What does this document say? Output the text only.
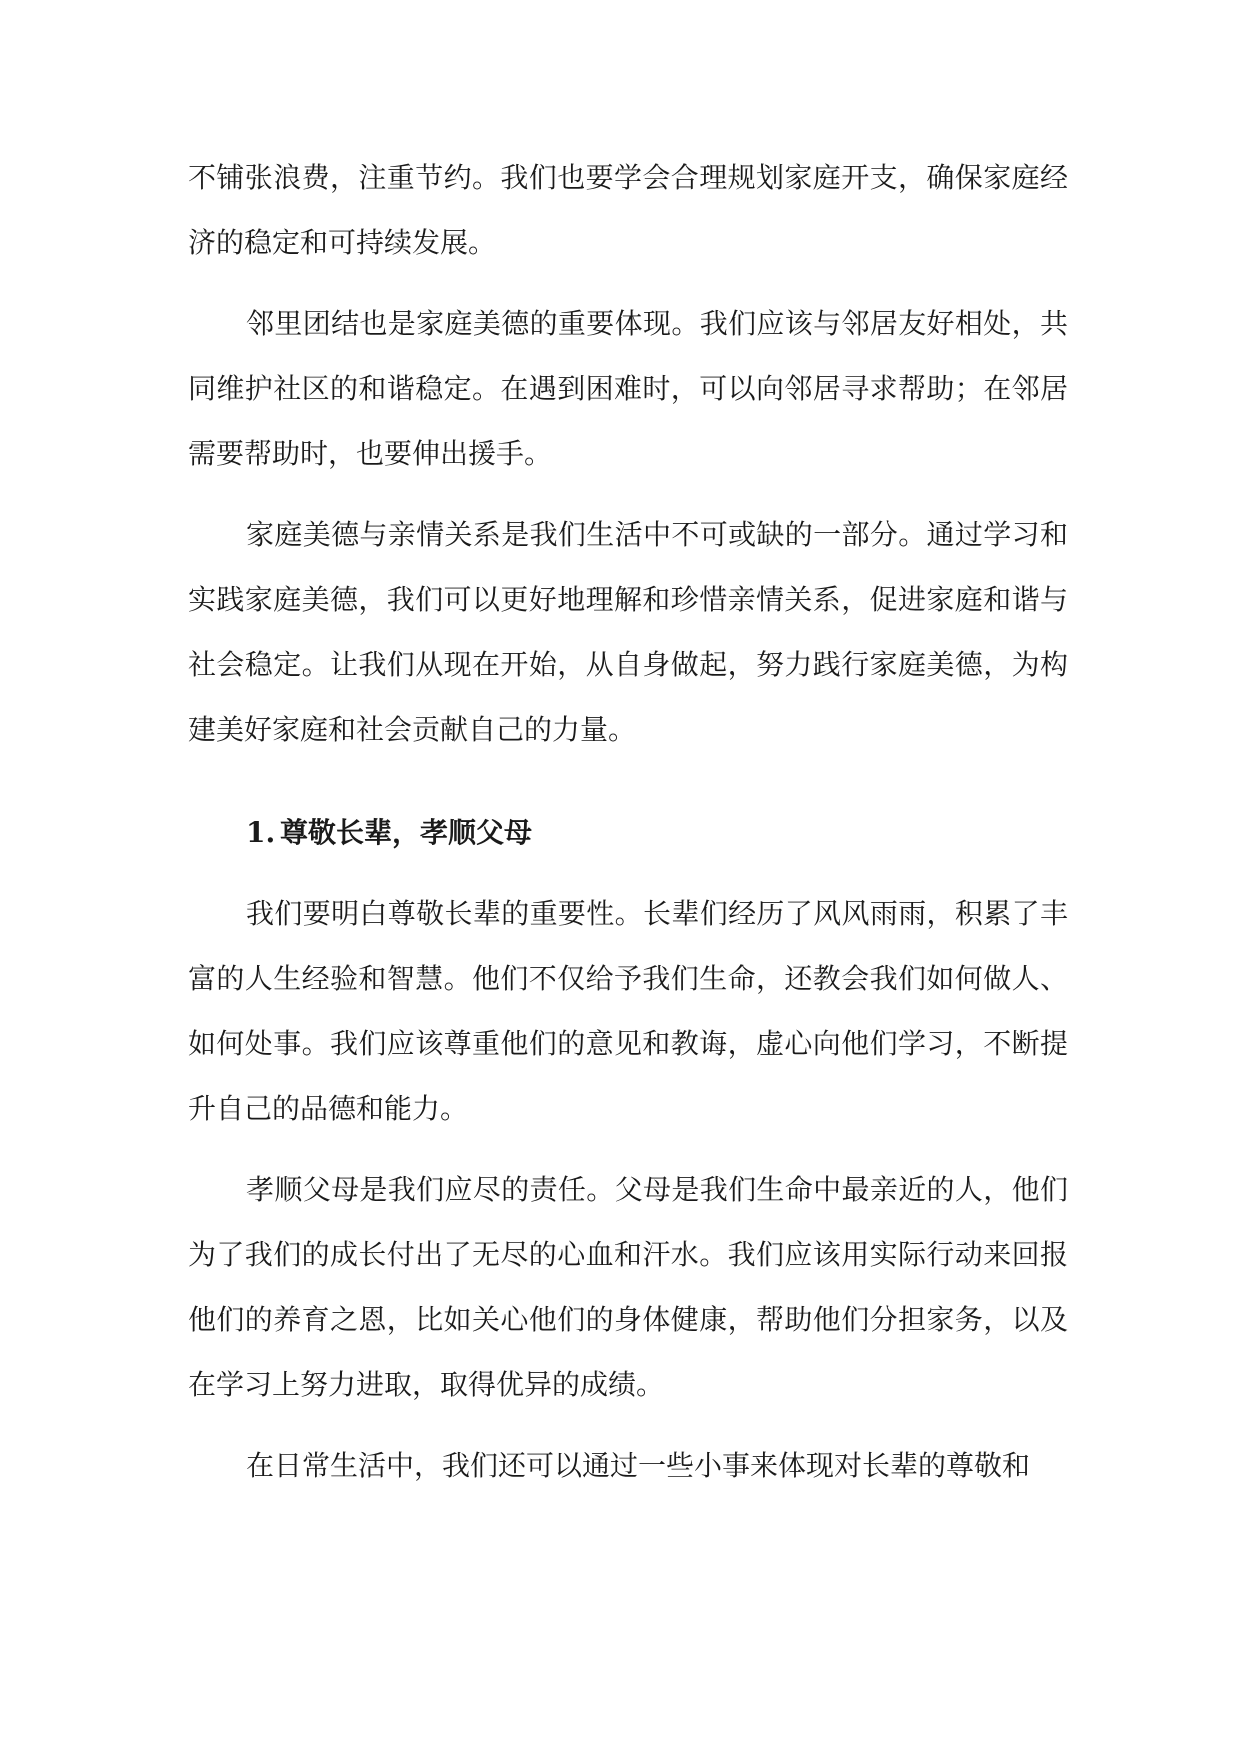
不铺张浪费，注重节约。我们也要学会合理规划家庭开支，确保家庭经济的稳定和可持续发展。

邻里团结也是家庭美德的重要体现。我们应该与邻居友好相处，共同维护社区的和谐稳定。在遇到困难时，可以向邻居寻求帮助；在邻居需要帮助时，也要伸出援手。

家庭美德与亲情关系是我们生活中不可或缺的一部分。通过学习和实践家庭美德，我们可以更好地理解和珍惜亲情关系，促进家庭和谐与社会稳定。让我们从现在开始，从自身做起，努力践行家庭美德，为构建美好家庭和社会贡献自己的力量。

1. 尊敬长辈，孝顺父母

我们要明白尊敬长辈的重要性。长辈们经历了风风雨雨，积累了丰富的人生经验和智慧。他们不仅给予我们生命，还教会我们如何做人、如何处事。我们应该尊重他们的意见和教诲，虚心向他们学习，不断提升自己的品德和能力。

孝顺父母是我们应尽的责任。父母是我们生命中最亲近的人，他们为了我们的成长付出了无尽的心血和汗水。我们应该用实际行动来回报他们的养育之恩，比如关心他们的身体健康，帮助他们分担家务，以及在学习上努力进取，取得优异的成绩。

在日常生活中，我们还可以通过一些小事来体现对长辈的尊敬和
